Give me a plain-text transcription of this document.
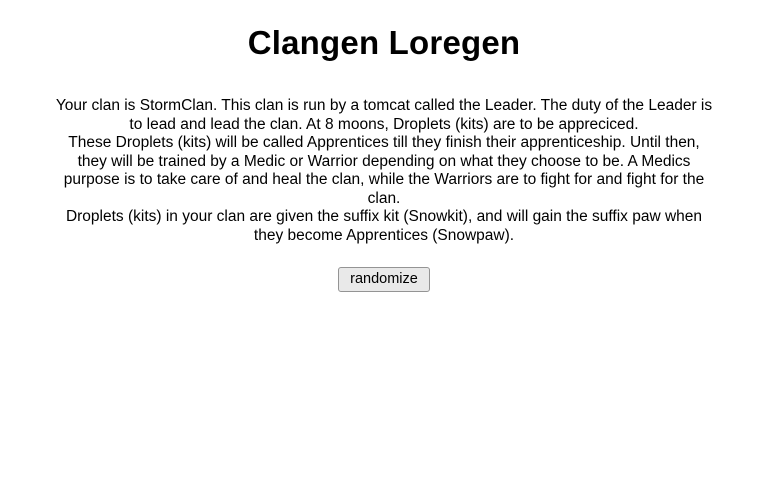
Clangen Loregen

Your clan is StormClan. This clan is run by a tomcat called the Leader. The duty of the Leader is to lead and lead the clan. At 8 moons, Droplets (kits) are to be appreciced.

These Droplets (kits) will be called Apprentices till they finish their apprenticeship. Until then, they will be trained by a Medic or Warrior depending on what they choose to be. A Medics purpose is to take care of and heal the clan, while the Warriors are to fight for and fight for the clan.

Droplets (kits) in your clan are given the suffix kit (Snowkit), and will gain the suffix paw when they become Apprentices (Snowpaw).

randomize
